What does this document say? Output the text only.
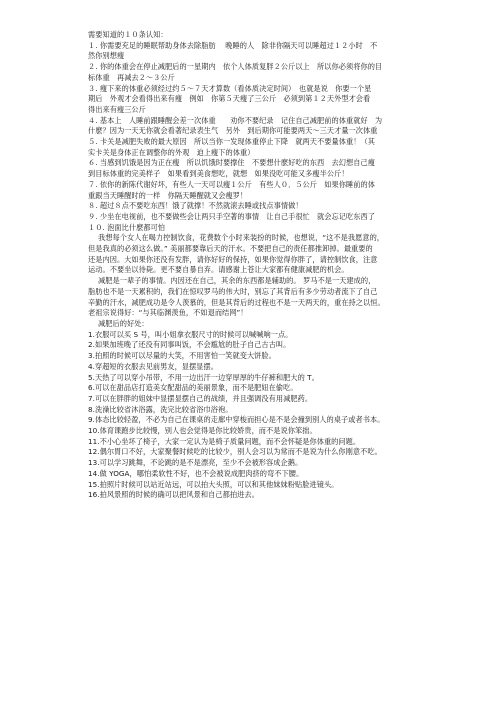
需要知道的１０条认知：
１. 你需要充足的睡眠帮助身体去除脂肪　 晚睡的人　除非你隔天可以睡超过１２小时　不
然你别想瘦
２. 你的体重会在停止减肥后的一星期内　依个人体质复胖２公斤以上　所以你必须将你的目
标体重　再减去２～３公斤
３. 瘦下来的体重必须经过约５～７天才算数（看体质决定时间）　也就是说　你要一个星
期后　外观才会看得出来有瘦　例如　你第５天瘦了三公斤　必须到第１２天外型才会看
得出来有瘦三公斤
４. 基本上　人睡前跟睡醒会差一次体重　　劝你不要纪录　记住自己减肥前的体重就好　为
什麽？因为一天无你就会看著纪录表生气　另外　到后期你可能要两天～三天才量一次体重
５. 卡关是减肥失败的最大原因　所以当你一发现体重停止下降　就两天不要量体重！（其
实卡关是身体正在调整你的外观　迫上瘦下的体重）
６. 当感到饥饿是因为正在瘦　所以饥饿时要撑住　不要想什麽好吃的东西　去幻想自己瘦
到目标体重的完美样子　如果看到美食想吃，就想　如果没吃可能又多瘦半公斤！
７. 依你的新陈代谢好坏，有些人一天可以瘦１公斤　有些人０．５公斤　如果你睡前的体
重跟当天睡醒时的一样　你隔天睡醒就又会瘦罗！
８. 超过８点不要吃东西！饿了就撑！不然就滚去睡或找点事情做！
９. 少坐在电视前，也不要做些会让两只手空著的事情　让自己手很忙　就会忘记吃东西了
１０. 泡面比什麽都可怕
我想每个女人在喝力控制饮食，花费数个小时来装扮的时候，也想说，“这不是我愿意的，
但是我真的必须这么做。” 美丽都要靠后天的汗水。不要把自己的责任都推卸掉。最重要的
还是内因。大如果你还没有发胖，请你好好的保持，如果你觉得你胖了，请控制饮食，注意
运动。不要坐以待毙。更不要自暴自弃。请感谢上苍让大家都有健康减肥的机会。
减肥是一辈子的事情。内因还在自己，其余的东西都是辅助的。 罗马不是一天建成的，
脂肪也不是一天累积的，我们在惊叹罗马的伟大时，别忘了其背后有多少劳动者流下了自己
辛勤的汗水，减肥成功是令人羡慕的，但是其背后的过程也不是一天两天的，重在持之以恒。
老祖宗说得好：“与其临渊羡鱼，不如退而结网”！
减肥后的好处：
1.衣服可以买 S 号，叫小姐拿衣服尺寸的时候可以喊喊响一点。
2.如果加班晚了还没有同事叫饭，不会尴尬的肚子自己古古叫。
3.拍照的时候可以尽量的大笑，不用害怕一笑就变大饼脸。
4.穿超短的衣服去见前男友，显摆显摆。
5.天热了可以穿小吊带，不用一边出汗一边穿厚厚的牛仔裤和肥大的 T。
6.可以在甜品店打造美女配甜品的美丽景象，而不是肥妞在偷吃。
7.可以在胖胖的姐妹中显摆显摆自己的战绩，并且强调没有用减肥药。
8.洗澡比较省沐浴露，洗完比较省浴巾浴袍。
9.体态比较轻盈，不必为自己在课桌的走廊中穿梭而担心是不是会撞到别人的桌子或者书本。
10.体育课跑步比较慢，别人也会觉得是你比较娇贵，而不是说你笨拙。
11.不小心坐坏了椅子，大家一定认为是椅子质量问题，而不会怀疑是你体重的问题。
12.偶尔胃口不好，大家聚餐时候吃的比较少，别人会习以为常而不是说为什么你刚意不吃。
13.可以学习跳舞，不论跳的是不是漂亮，至少不会被形容成企鹅。
14.做 YOGA，哪怕柔软性不好，也不会被说成肥肉挤的弯不下腰。
15.拍照片时候可以站近站远，可以拍大头照，可以和其他妹妹粉贴脸进镜头。
16.拍风景照的时候的确可以把风景和自己都拍进去。
